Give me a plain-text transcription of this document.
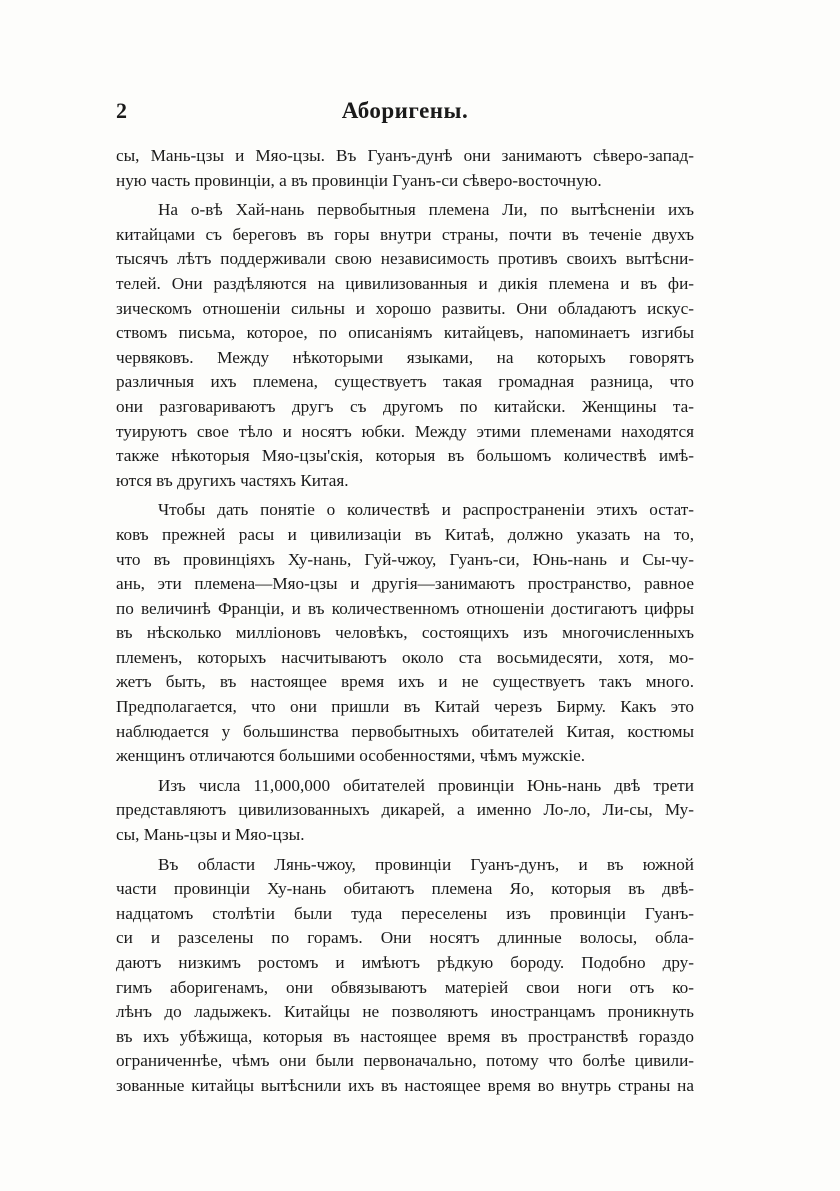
2	Аборигены.
сы, Мань-цзы и Мяо-цзы. Въ Гуанъ-дунѣ они занимаютъ сѣверо-запад-
ную часть провинціи, а въ провинціи Гуанъ-си сѣверо-восточную.
На о-вѣ Хай-нань первобытныя племена Ли, по вытѣсненіи ихъ
китайцами съ береговъ въ горы внутри страны, почти въ теченіе двухъ
тысячъ лѣтъ поддерживали свою независимость противъ своихъ вытѣсни-
телей. Они раздѣляются на цивилизованныя и дикія племена и въ фи-
зическомъ отношеніи сильны и хорошо развиты. Они обладаютъ искус-
ствомъ письма, которое, по описаніямъ китайцевъ, напоминаетъ изгибы
червяковъ. Между нѣкоторыми языками, на которыхъ говорятъ
различныя ихъ племена, существуетъ такая громадная разница, что
они разговариваютъ другъ съ другомъ по китайски. Женщины та-
туируютъ свое тѣло и носятъ юбки. Между этими племенами находятся
также нѣкоторыя Мяо-цзы'скія, которыя въ большомъ количествѣ имѣ-
ются въ другихъ частяхъ Китая.
Чтобы дать понятіе о количествѣ и распространеніи этихъ остат-
ковъ прежней расы и цивилизаціи въ Китаѣ, должно указать на то,
что въ провинціяхъ Ху-нань, Гуй-чжоу, Гуанъ-си, Юнь-нань и Сы-чу-
ань, эти племена—Мяо-цзы и другія—занимаютъ пространство, равное
по величинѣ Франціи, и въ количественномъ отношеніи достигаютъ цифры
въ нѣсколько милліоновъ человѣкъ, состоящихъ изъ многочисленныхъ
племенъ, которыхъ насчитываютъ около ста восьмидесяти, хотя, мо-
жетъ быть, въ настоящее время ихъ и не существуетъ такъ много.
Предполагается, что они пришли въ Китай черезъ Бирму. Какъ это
наблюдается у большинства первобытныхъ обитателей Китая, костюмы
женщинъ отличаются большими особенностями, чѣмъ мужскіе.
Изъ числа 11,000,000 обитателей провинціи Юнь-нань двѣ трети
представляютъ цивилизованныхъ дикарей, а именно Ло-ло, Ли-сы, Му-
сы, Мань-цзы и Мяо-цзы.
Въ области Лянь-чжоу, провинціи Гуанъ-дунъ, и въ южной
части провинціи Ху-нань обитаютъ племена Яо, которыя въ двѣ-
надцатомъ столѣтіи были туда переселены изъ провинціи Гуанъ-
си и разселены по горамъ. Они носятъ длинные волосы, обла-
даютъ низкимъ ростомъ и имѣютъ рѣдкую бороду. Подобно дру-
гимъ аборигенамъ, они обвязываютъ матеріей свои ноги отъ ко-
лѣнъ до ладыжекъ. Китайцы не позволяютъ иностранцамъ проникнуть
въ ихъ убѣжища, которыя въ настоящее время въ пространствѣ гораздо
ограниченнѣе, чѣмъ они были первоначально, потому что болѣе цивили-
зованные китайцы вытѣснили ихъ въ настоящее время во внутрь страны на
